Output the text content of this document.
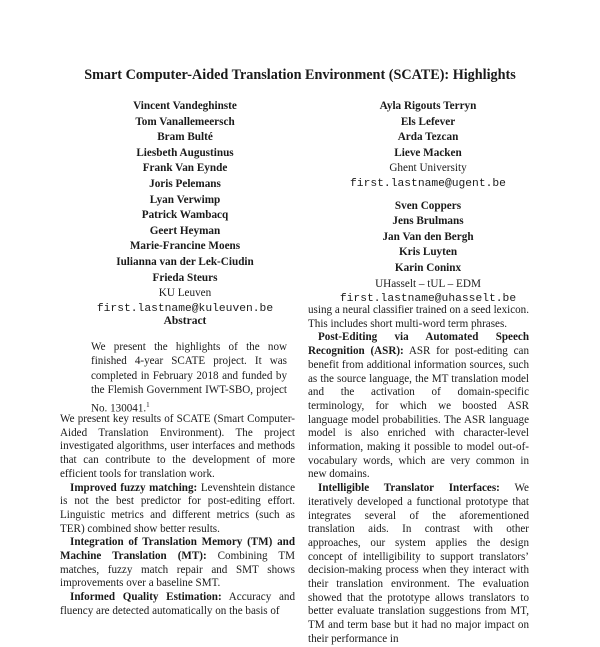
Smart Computer-Aided Translation Environment (SCATE): Highlights
Vincent Vandeghinste
Tom Vanallemeersch
Bram Bulté
Liesbeth Augustinus
Frank Van Eynde
Joris Pelemans
Lyan Verwimp
Patrick Wambacq
Geert Heyman
Marie-Francine Moens
Iulianna van der Lek-Ciudin
Frieda Steurs
KU Leuven
first.lastname@kuleuven.be
Ayla Rigouts Terryn
Els Lefever
Arda Tezcan
Lieve Macken
Ghent University
first.lastname@ugent.be
Sven Coppers
Jens Brulmans
Jan Van den Bergh
Kris Luyten
Karin Coninx
UHasselt – tUL – EDM
first.lastname@uhasselt.be
Abstract
We present the highlights of the now finished 4-year SCATE project. It was completed in February 2018 and funded by the Flemish Government IWT-SBO, project No. 130041.$^1$

We present key results of SCATE (Smart Computer-Aided Translation Environment). The project investigated algorithms, user interfaces and methods that can contribute to the development of more efficient tools for translation work.

Improved fuzzy matching: Levenshtein distance is not the best predictor for post-editing effort. Linguistic metrics and different metrics (such as TER) combined show better results.

Integration of Translation Memory (TM) and Machine Translation (MT): Combining TM matches, fuzzy match repair and SMT shows improvements over a baseline SMT.

Informed Quality Estimation: Accuracy and fluency are detected automatically on the basis of

using a neural classifier trained on a seed lexicon. This includes short multi-word term phrases.

Post-Editing via Automated Speech Recognition (ASR): ASR for post-editing can benefit from additional information sources, such as the source language, the MT translation model and the activation of domain-specific terminology, for which we boosted ASR language model probabilities. The ASR language model is also enriched with character-level information, making it possible to model out-of-vocabulary words, which are very common in new domains.

Intelligible Translator Interfaces: We iteratively developed a functional prototype that integrates several of the aforementioned translation aids. In contrast with other approaches, our system applies the design concept of intelligibility to support translators’ decision-making process when they interact with their translation environment. The evaluation showed that the prototype allows translators to better evaluate translation suggestions from MT, TM and term base but it had no major impact on their performance in
